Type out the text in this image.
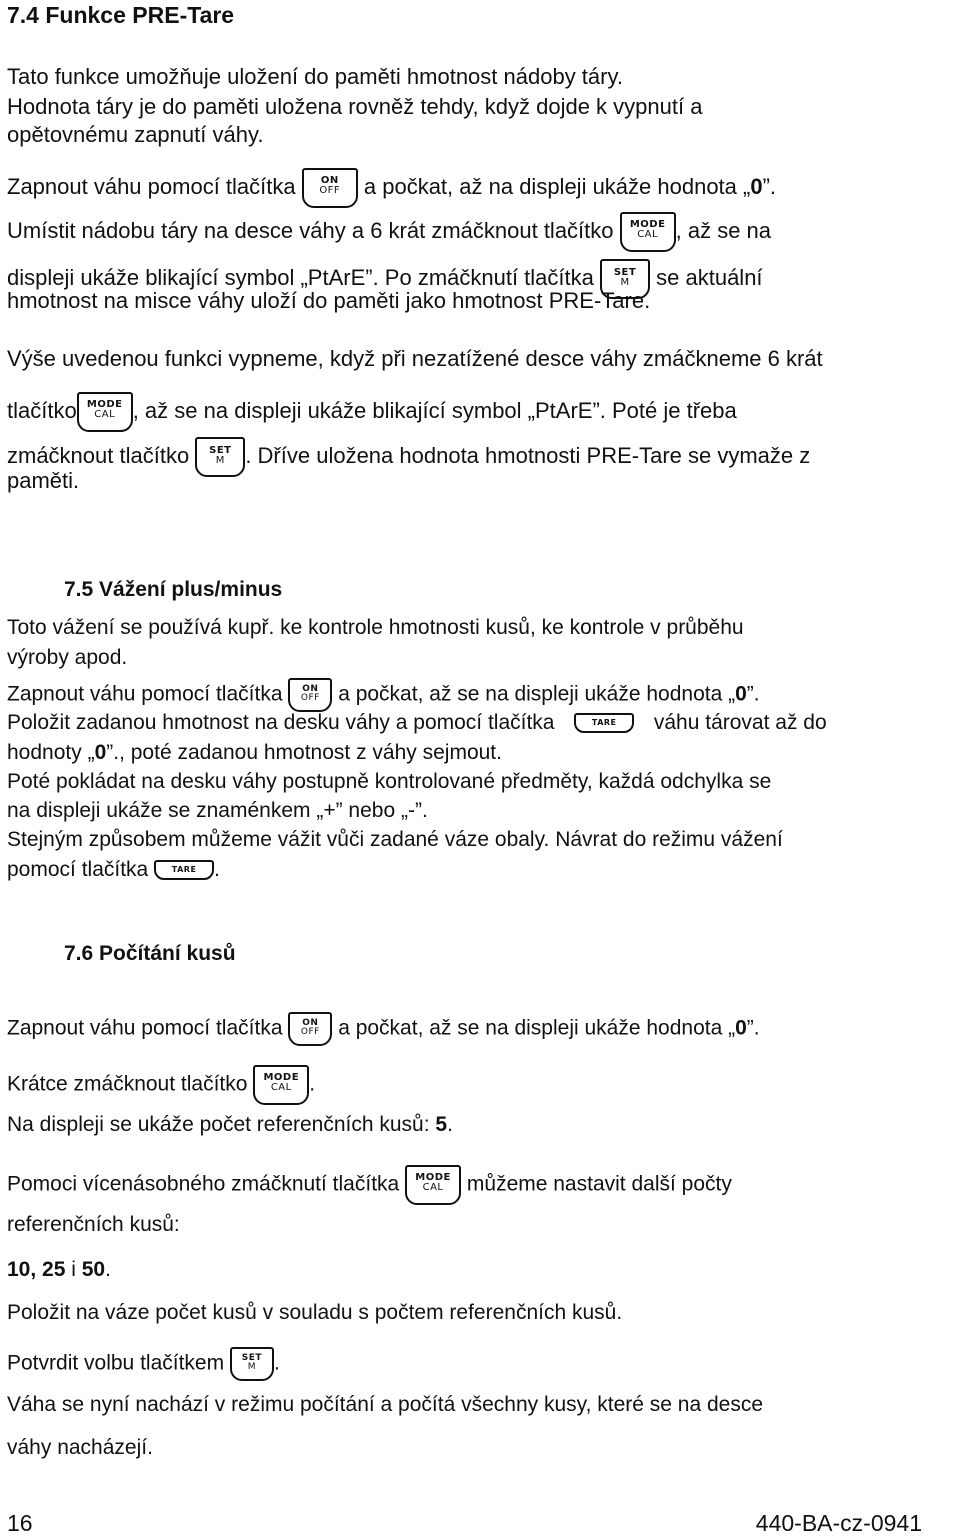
7.4 Funkce PRE-Tare
Tato funkce umožňuje uložení do paměti hmotnost nádoby táry.
Hodnota táry je do paměti uložena rovněž tehdy, když dojde k vypnutí a
opětovnému zapnutí váhy.
Zapnout váhu pomocí tlačítka	ON
OFF	a počkat, až na displeji ukáže hodnota „0”.
Umístit nádobu táry na desce váhy a 6 krát zmáčknout tlačítko	MODE
CAL , až se na
displeji ukáže blikající symbol „PtArE”. Po zmáčknutí tlačítka	SET
M	se aktuální
hmotnost na misce váhy uloží do paměti jako hmotnost PRE-Tare.
Výše uvedenou funkci vypneme, když při nezatížené desce váhy zmáčkneme 6 krát
tlačítko	MODE
CAL , až se na displeji ukáže blikající symbol „PtArE”. Poté je třeba
zmáčknout tlačítko	SET
M . Dříve uložena hodnota hmotnosti PRE-Tare se vymaže z
paměti.
7.5 Vážení plus/minus
Toto vážení se používá kupř. ke kontrole hmotnosti kusů, ke kontrole v průběhu
výroby apod.
Zapnout váhu pomocí tlačítka	ON
OFF a počkat, až se na displeji ukáže hodnota „0”.
Položit zadanou hmotnost na desku váhy a pomocí tlačítka	TARE	váhu tárovat až do
hodnoty „0”., poté zadanou hmotnost z váhy sejmout.
Poté pokládat na desku váhy postupně kontrolované předměty, každá odchylka se
na displeji ukáže se znaménkem „+” nebo „-”.
Stejným způsobem můžeme vážit vůči zadané váze obaly. Návrat do režimu vážení
pomocí tlačítka	TARE .
7.6 Počítání kusů
Zapnout váhu pomocí tlačítka	ON
OFF a počkat, až se na displeji ukáže hodnota „0”.
Krátce zmáčknout tlačítko	MODE
CAL .
Na displeji se ukáže počet referenčních kusů: 5.
Pomoci vícenásobného zmáčknutí tlačítka	MODE
CAL	můžeme nastavit další počty
referenčních kusů:
10, 25 i 50.
Položit na váze počet kusů v souladu s počtem referenčních kusů.
Potvrdit volbu tlačítkem	SET
M .
Váha se nyní nachází v režimu počítání a počítá všechny kusy, které se na desce
váhy nacházejí.
16	440-BA-cz-0941
